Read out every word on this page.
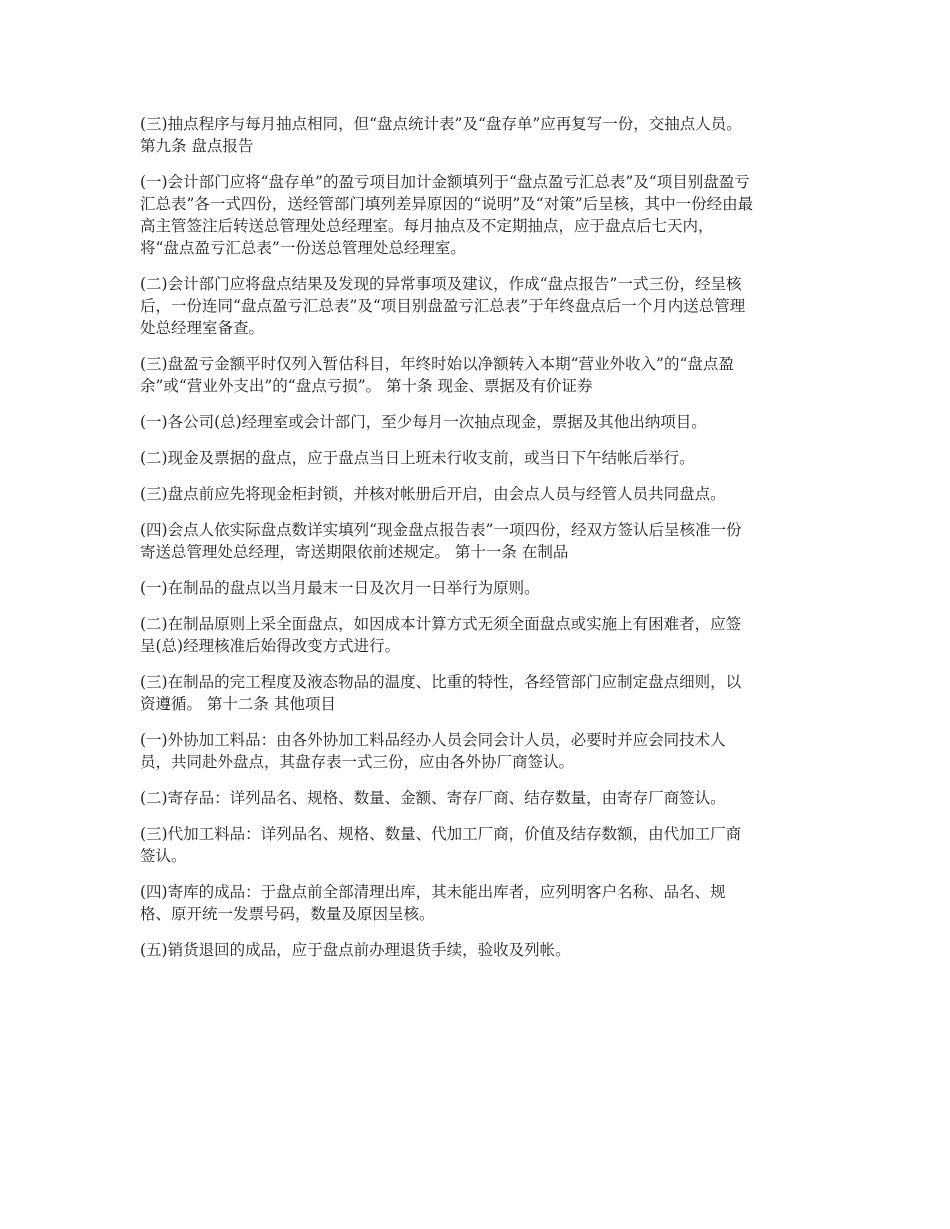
(三)抽点程序与每月抽点相同，但“盘点统计表”及“盘存单”应再复写一份，交抽点人员。

第九条 盘点报告

(一)会计部门应将“盘存单”的盈亏项目加计金额填列于“盘点盈亏汇总表”及“项目别盘盈亏
汇总表”各一式四份，送经管部门填列差异原因的“说明”及“对策”后呈核，其中一份经由最
高主管签注后转送总管理处总经理室。每月抽点及不定期抽点，应于盘点后七天内，
将“盘点盈亏汇总表”一份送总管理处总经理室。

(二)会计部门应将盘点结果及发现的异常事项及建议，作成“盘点报告”一式三份，经呈核
后，一份连同“盘点盈亏汇总表”及“项目别盘盈亏汇总表”于年终盘点后一个月内送总管理
处总经理室备查。

(三)盘盈亏金额平时仅列入暂估科目，年终时始以净额转入本期“营业外收入”的“盘点盈
余”或“营业外支出”的“盘点亏损”。 第十条 现金、票据及有价证券

(一)各公司(总)经理室或会计部门，至少每月一次抽点现金，票据及其他出纳项目。

(二)现金及票据的盘点，应于盘点当日上班未行收支前，或当日下午结帐后举行。

(三)盘点前应先将现金柜封锁，并核对帐册后开启，由会点人员与经管人员共同盘点。

(四)会点人依实际盘点数详实填列“现金盘点报告表”一项四份，经双方签认后呈核准一份
寄送总管理处总经理，寄送期限依前述规定。 第十一条 在制品

(一)在制品的盘点以当月最末一日及次月一日举行为原则。

(二)在制品原则上采全面盘点，如因成本计算方式无须全面盘点或实施上有困难者，应签
呈(总)经理核准后始得改变方式进行。

(三)在制品的完工程度及液态物品的温度、比重的特性，各经管部门应制定盘点细则，以
资遵循。 第十二条 其他项目

(一)外协加工料品：由各外协加工料品经办人员会同会计人员，必要时并应会同技术人
员，共同赴外盘点，其盘存表一式三份，应由各外协厂商签认。

(二)寄存品：详列品名、规格、数量、金额、寄存厂商、结存数量，由寄存厂商签认。

(三)代加工料品：详列品名、规格、数量、代加工厂商，价值及结存数额，由代加工厂商
签认。

(四)寄库的成品：于盘点前全部清理出库，其未能出库者，应列明客户名称、品名、规
格、原开统一发票号码，数量及原因呈核。

(五)销货退回的成品，应于盘点前办理退货手续，验收及列帐。
